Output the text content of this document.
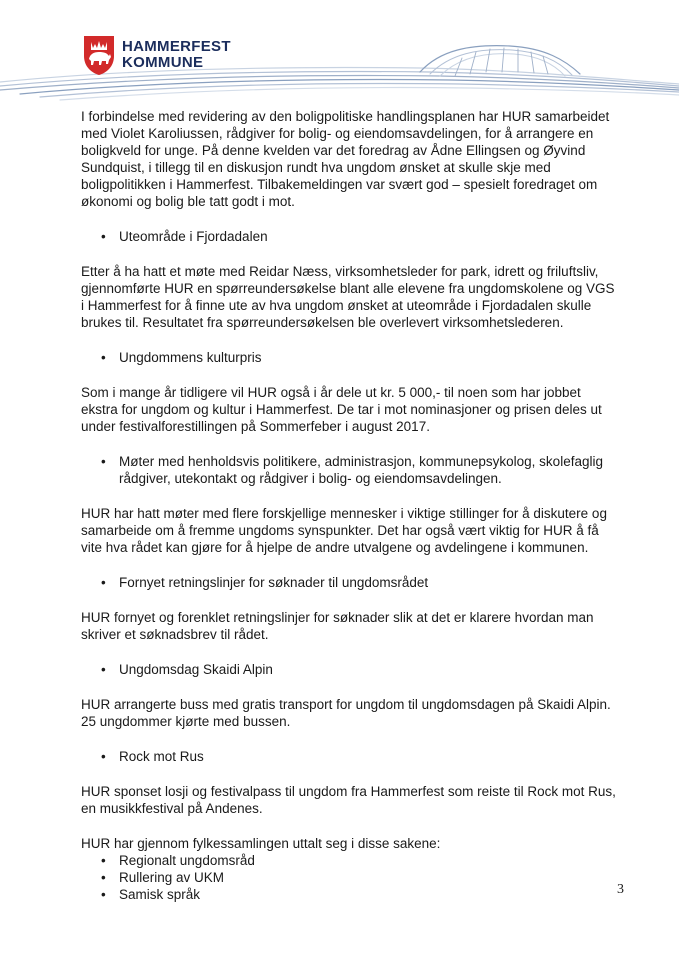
HAMMERFEST
KOMMUNE

I forbindelse med revidering av den boligpolitiske handlingsplanen har HUR samarbeidet med Violet Karoliussen, rådgiver for bolig- og eiendomsavdelingen, for å arrangere en boligkveld for unge. På denne kvelden var det foredrag av Ådne Ellingsen og Øyvind Sundquist, i tillegg til en diskusjon rundt hva ungdom ønsket at skulle skje med boligpolitikken i Hammerfest. Tilbakemeldingen var svært god – spesielt foredraget om økonomi og bolig ble tatt godt i mot.

• Uteområde i Fjordadalen

Etter å ha hatt et møte med Reidar Næss, virksomhetsleder for park, idrett og friluftsliv, gjennomførte HUR en spørreundersøkelse blant alle elevene fra ungdomskolene og VGS i Hammerfest for å finne ute av hva ungdom ønsket at uteområde i Fjordadalen skulle brukes til. Resultatet fra spørreundersøkelsen ble overlevert virksomhetslederen.

• Ungdommens kulturpris

Som i mange år tidligere vil HUR også i år dele ut kr. 5 000,- til noen som har jobbet ekstra for ungdom og kultur i Hammerfest. De tar i mot nominasjoner og prisen deles ut under festivalforestillingen på Sommerfeber i august 2017.

• Møter med henholdsvis politikere, administrasjon, kommunepsykolog, skolefaglig rådgiver, utekontakt og rådgiver i bolig- og eiendomsavdelingen.

HUR har hatt møter med flere forskjellige mennesker i viktige stillinger for å diskutere og samarbeide om å fremme ungdoms synspunkter. Det har også vært viktig for HUR å få vite hva rådet kan gjøre for å hjelpe de andre utvalgene og avdelingene i kommunen.

• Fornyet retningslinjer for søknader til ungdomsrådet

HUR fornyet og forenklet retningslinjer for søknader slik at det er klarere hvordan man skriver et søknadsbrev til rådet.

• Ungdomsdag Skaidi Alpin

HUR arrangerte buss med gratis transport for ungdom til ungdomsdagen på Skaidi Alpin. 25 ungdommer kjørte med bussen.

• Rock mot Rus

HUR sponset losji og festivalpass til ungdom fra Hammerfest som reiste til Rock mot Rus, en musikkfestival på Andenes.

HUR har gjennom fylkessamlingen uttalt seg i disse sakene:

• Regionalt ungdomsråd
• Rullering av UKM
• Samisk språk	3
